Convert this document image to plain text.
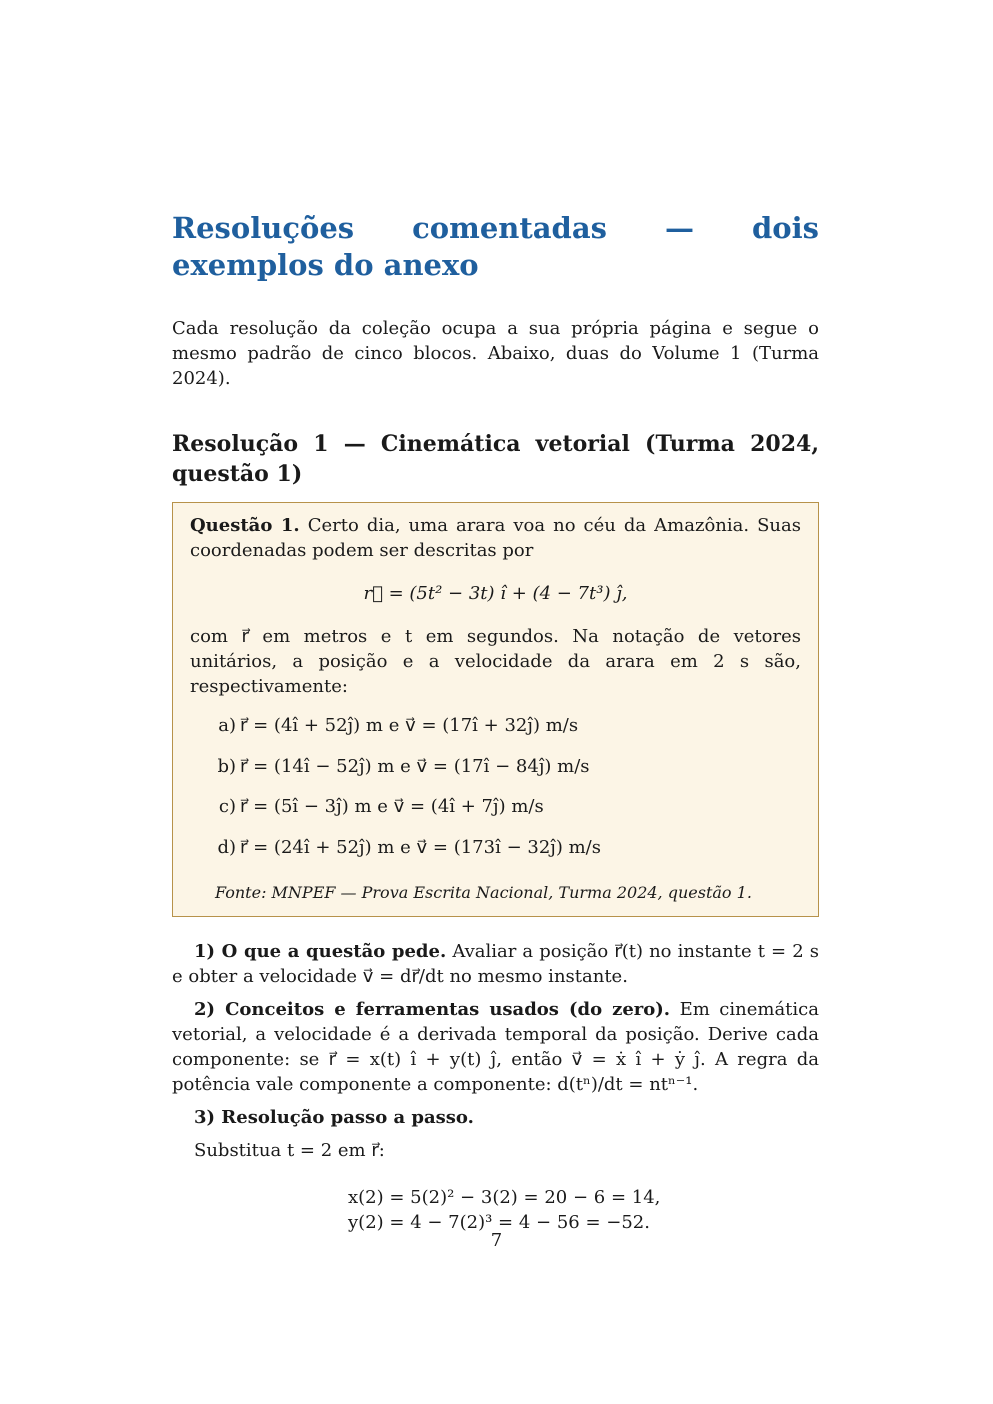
Resoluções comentadas — dois exemplos do anexo

Cada resolução da coleção ocupa a sua própria página e segue o mesmo padrão de cinco blocos. Abaixo, duas do Volume 1 (Turma 2024).

Resolução 1 — Cinemática vetorial (Turma 2024, questão 1)

Questão 1. Certo dia, uma arara voa no céu da Amazônia. Suas coordenadas podem ser descritas por

r⃗ = (5t² − 3t) ı̂ + (4 − 7t³) ȷ̂,

com r⃗ em metros e t em segundos. Na notação de vetores unitários, a posição e a velocidade da arara em 2 s são, respectivamente:

a) r⃗ = (4ı̂ + 52ȷ̂) m e v⃗ = (17ı̂ + 32ȷ̂) m/s
b) r⃗ = (14ı̂ − 52ȷ̂) m e v⃗ = (17ı̂ − 84ȷ̂) m/s
c) r⃗ = (5ı̂ − 3ȷ̂) m e v⃗ = (4ı̂ + 7ȷ̂) m/s
d) r⃗ = (24ı̂ + 52ȷ̂) m e v⃗ = (173ı̂ − 32ȷ̂) m/s
Fonte: MNPEF — Prova Escrita Nacional, Turma 2024, questão 1.

1) O que a questão pede. Avaliar a posição r⃗(t) no instante t = 2 s e obter a velocidade v⃗ = dr⃗/dt no mesmo instante.

2) Conceitos e ferramentas usados (do zero). Em cinemática vetorial, a velocidade é a derivada temporal da posição. Derive cada componente: se r⃗ = x(t) ı̂ + y(t) ȷ̂, então v⃗ = ẋ ı̂ + ẏ ȷ̂. A regra da potência vale componente a componente: d(tⁿ)/dt = ntⁿ⁻¹.

3) Resolução passo a passo.

Substitua t = 2 em r⃗:

x(2) = 5(2)² − 3(2) = 20 − 6 = 14,
y(2) = 4 − 7(2)³ = 4 − 56 = −52.
7
